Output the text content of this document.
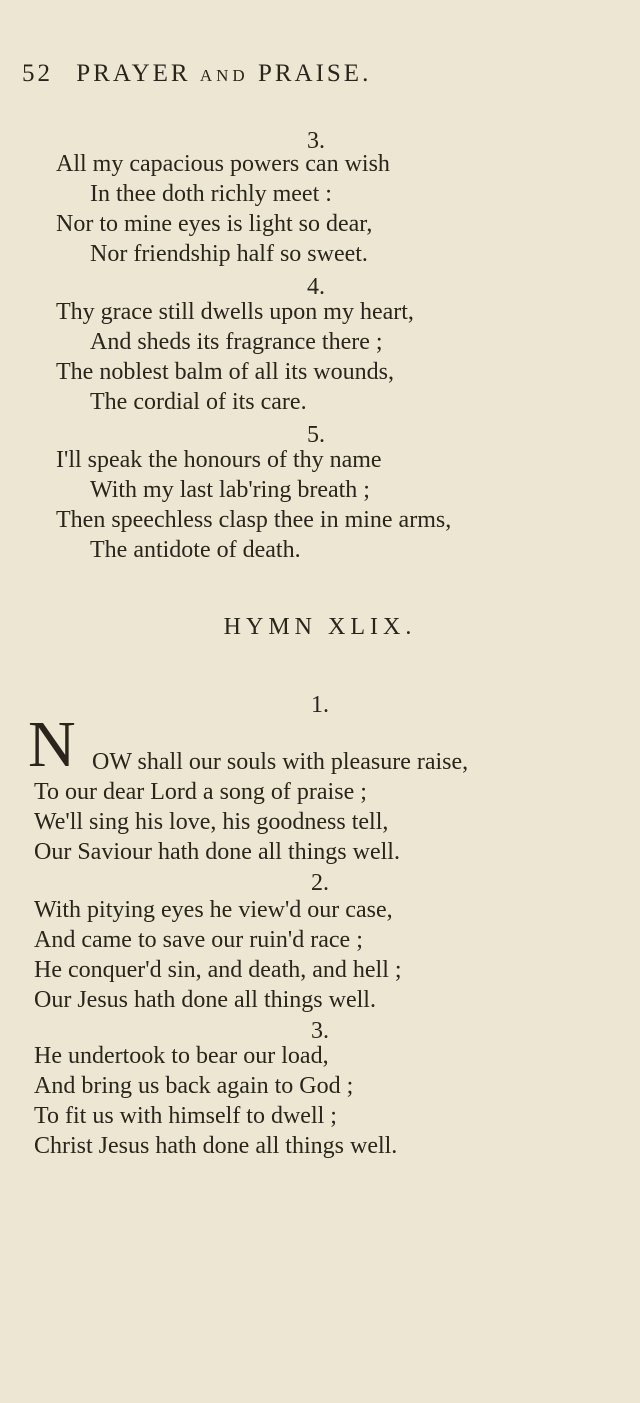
52 PRAYER AND PRAISE.
3.
All my capacious powers can wish
In thee doth richly meet :
Nor to mine eyes is light so dear,
Nor friendship half so sweet.
4.
Thy grace still dwells upon my heart,
And sheds its fragrance there ;
The noblest balm of all its wounds,
The cordial of its care.
5.
I'll speak the honours of thy name
With my last lab'ring breath ;
Then speechless clasp thee in mine arms,
The antidote of death.
HYMN XLIX.
1.
N OW shall our souls with pleasure raise,
To our dear Lord a song of praise ;
We'll sing his love, his goodness tell,
Our Saviour hath done all things well.
2.
With pitying eyes he view'd our case,
And came to save our ruin'd race ;
He conquer'd sin, and death, and hell ;
Our Jesus hath done all things well.
3.
He undertook to bear our load,
And bring us back again to God ;
To fit us with himself to dwell ;
Christ Jesus hath done all things well.
